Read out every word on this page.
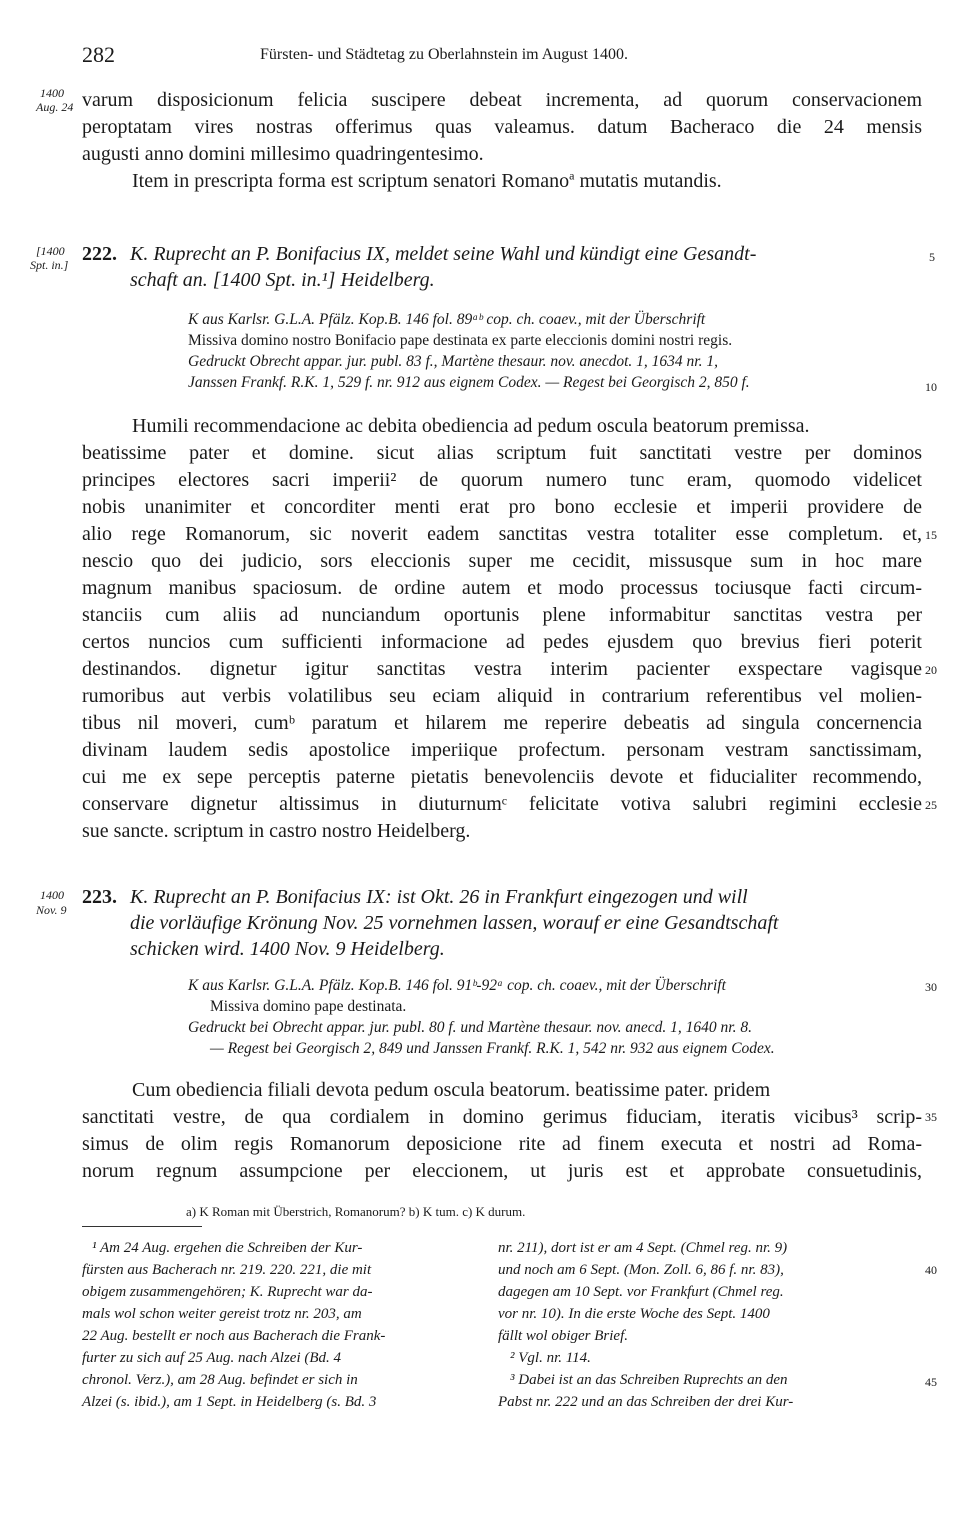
282	Fürsten- und Städtetag zu Oberlahnstein im August 1400.
1400
Aug. 24 varum disposicionum felicia suscipere debeat incrementa, ad quorum conservacionem
peroptatam vires nostras offerimus quas valeamus. datum Bacheraco die 24 mensis
augusti anno domini millesimo quadringentesimo.
Item in prescripta forma est scriptum senatori Romano$^a$ mutatis mutandis.
[1400
Spt. in.] 222. K. Ruprecht an P. Bonifacius IX, meldet seine Wahl und kündigt eine Gesandt-
schaft an. [1400 Spt. in.¹] Heidelberg.
K aus Karlsr. G.L.A. Pfälz. Kop.B. 146 fol. 89ᵃᵇ cop. ch. coaev., mit der Überschrift
Missiva domino nostro Bonifacio pape destinata ex parte eleccionis domini nostri regis.
Gedruckt Obrecht appar. jur. publ. 83 f., Martène thesaur. nov. anecdot. 1, 1634 nr. 1,
Janssen Frankf. R.K. 1, 529 f. nr. 912 aus eignem Codex. — Regest bei Georgisch 2, 850 f.
Humili recommendacione ac debita obediencia ad pedum oscula beatorum premissa.
beatissime pater et domine. sicut alias scriptum fuit sanctitati vestre per dominos
principes electores sacri imperii² de quorum numero tunc eram, quomodo videlicet
nobis unanimiter et concorditer menti erat pro bono ecclesie et imperii providere de
alio rege Romanorum, sic noverit eadem sanctitas vestra totaliter esse completum. et,
nescio quo dei judicio, sors eleccionis super me cecidit, missusque sum in hoc mare
magnum manibus spaciosum. de ordine autem et modo processus tociusque facti circum-
stanciis cum aliis ad nunciandum oportunis plene informabitur sanctitas vestra per
certos nuncios cum sufficienti informacione ad pedes ejusdem quo brevius fieri poterit
destinandos. dignetur igitur sanctitas vestra interim pacienter exspectare vagisque
rumoribus aut verbis volatilibus seu eciam aliquid in contrarium referentibus vel molien-
tibus nil moveri, cumᵇ paratum et hilarem me reperire debeatis ad singula concernencia
divinam laudem sedis apostolice imperiique profectum. personam vestram sanctissimam,
cui me ex sepe perceptis paterne pietatis benevolenciis devote et fiducialiter recommendo,
conservare dignetur altissimus in diuturnumᶜ felicitate votiva salubri regimini ecclesie
sue sancte. scriptum in castro nostro Heidelberg.
1400
Nov. 9
223. K. Ruprecht an P. Bonifacius IX: ist Okt. 26 in Frankfurt eingezogen und will
die vorläufige Krönung Nov. 25 vornehmen lassen, worauf er eine Gesandtschaft
schicken wird. 1400 Nov. 9 Heidelberg.
K aus Karlsr. G.L.A. Pfälz. Kop.B. 146 fol. 91ᵇ-92ᵃ cop. ch. coaev., mit der Überschrift
Missiva domino pape destinata.
Gedruckt bei Obrecht appar. jur. publ. 80 f. und Martène thesaur. nov. anecd. 1, 1640 nr. 8.
— Regest bei Georgisch 2, 849 und Janssen Frankf. R.K. 1, 542 nr. 932 aus eignem Codex.
Cum obediencia filiali devota pedum oscula beatorum. beatissime pater. pridem
sanctitati vestre, de qua cordialem in domino gerimus fiduciam, iteratis vicibus³ scrip-
simus de olim regis Romanorum deposicione rite ad finem executa et nostri ad Roma-
norum regnum assumpcione per eleccionem, ut juris est et approbate consuetudinis,
a) K Roman mit Überstrich, Romanorum? b) K tum. c) K durum.
¹ Am 24 Aug. ergehen die Schreiben der Kur-
fürsten aus Bacherach nr. 219. 220. 221, die mit
obigem zusammengehören; K. Ruprecht war da-
mals wol schon weiter gereist trotz nr. 203, am
22 Aug. bestellt er noch aus Bacherach die Frank-
furter zu sich auf 25 Aug. nach Alzei (Bd. 4
chronol. Verz.), am 28 Aug. befindet er sich in
Alzei (s. ibid.), am 1 Sept. in Heidelberg (s. Bd. 3
nr. 211), dort ist er am 4 Sept. (Chmel reg. nr. 9)
und noch am 6 Sept. (Mon. Zoll. 6, 86 f. nr. 83),
dagegen am 10 Sept. vor Frankfurt (Chmel reg.
vor nr. 10). In die erste Woche des Sept. 1400
fällt wol obiger Brief.
² Vgl. nr. 114.
³ Dabei ist an das Schreiben Ruprechts an den
Pabst nr. 222 und an das Schreiben der drei Kur-
5
10
15
20
25
30
35
40
45
